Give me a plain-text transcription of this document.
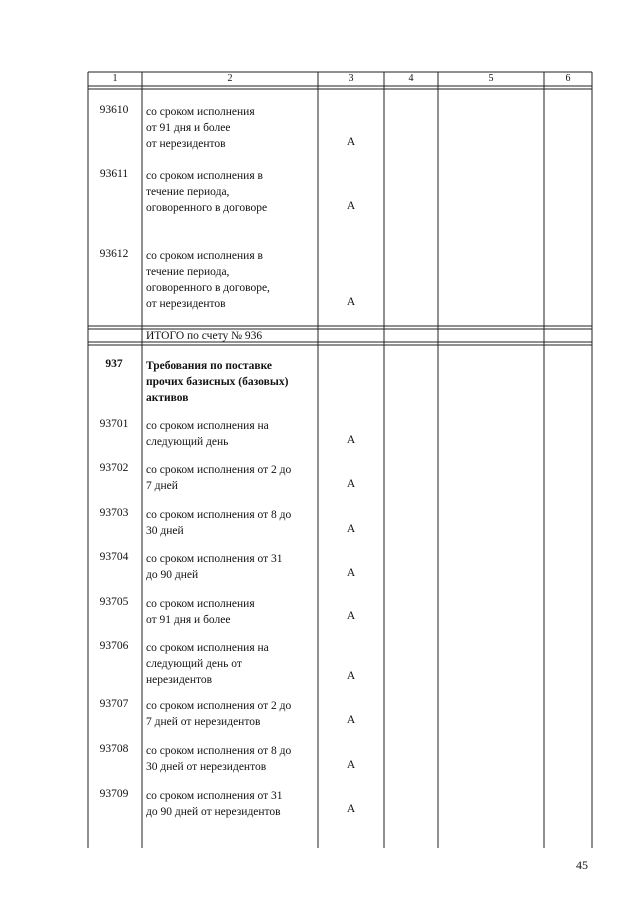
1	2	3	4	5	6
93610	со сроком исполнения
от 91 дня и более
от нерезидентов	А
93611	со сроком исполнения в
течение периода,
оговоренного в договоре	А
93612	со сроком исполнения в
течение периода,
оговоренного в договоре,
от нерезидентов	А
ИТОГО по счету № 936
937	Требования по поставке
прочих базисных (базовых)
активов
93701	со сроком исполнения на
следующий день	А
93702	со сроком исполнения от 2 до
7 дней	А
93703	со сроком исполнения от 8 до
30 дней	А
93704	со сроком исполнения от 31
до 90 дней	А
93705	со сроком исполнения
от 91 дня и более	А
93706	со сроком исполнения на
следующий день от
нерезидентов	А
93707	со сроком исполнения от 2 до
7 дней от нерезидентов	А
93708	со сроком исполнения от 8 до
30 дней от нерезидентов	А
93709	со сроком исполнения от 31
до 90 дней от нерезидентов	А
45
